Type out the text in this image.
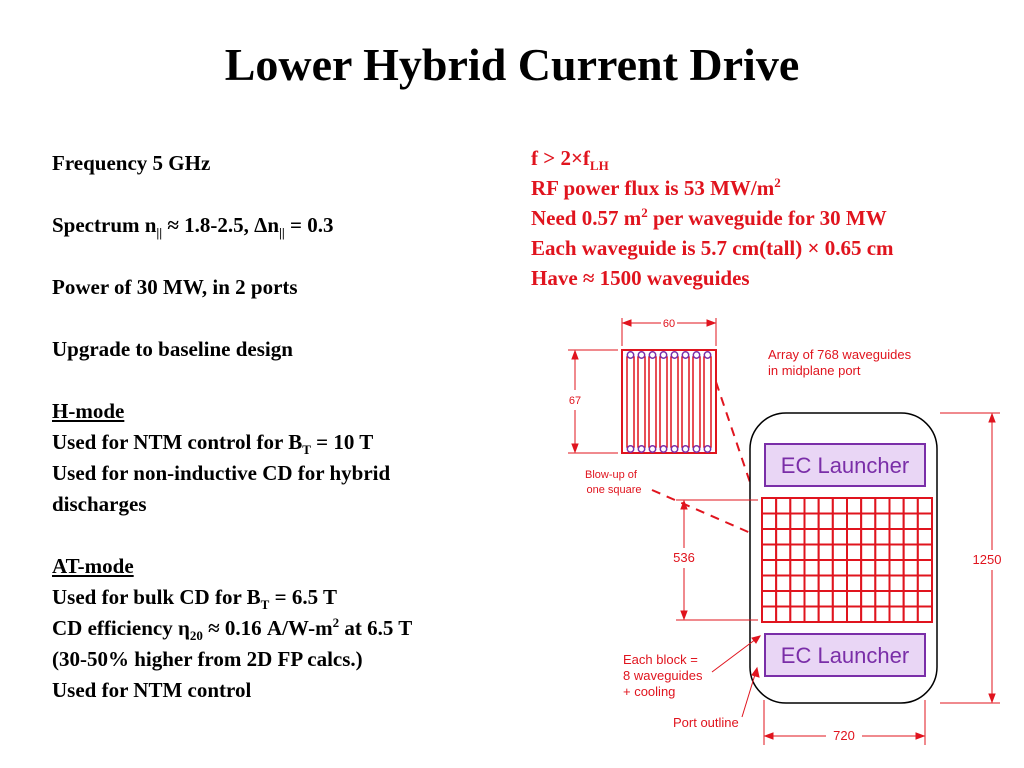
Lower Hybrid Current Drive
Frequency 5 GHz
Spectrum $n_{||} \approx 1.8-2.5$, $\Delta n_{||} = 0.3$
Power of 30 MW, in 2 ports
Upgrade to baseline design
H-mode
Used for NTM control for $B_T = 10$ T
Used for non-inductive CD for hybrid
discharges
AT-mode
Used for bulk CD for $B_T = 6.5$ T
CD efficiency $\eta_{20} \approx 0.16$ $A/W-m^2$ at 6.5 T
(30-50% higher from 2D FP calcs.)
Used for NTM control
$f > 2\times f_{LH}$
RF power flux is 53 $MW/m^2$
Need 0.57 $m^2$ per waveguide for 30 MW
Each waveguide is 5.7 cm(tall) × 0.65 cm
Have ≈ 1500 waveguides
60
67
Array of 768 waveguides
in midplane port
Blow-up of
one square
EC Launcher
EC Launcher
536	1250
720
Each block =
8 waveguides
+ cooling
Port outline
